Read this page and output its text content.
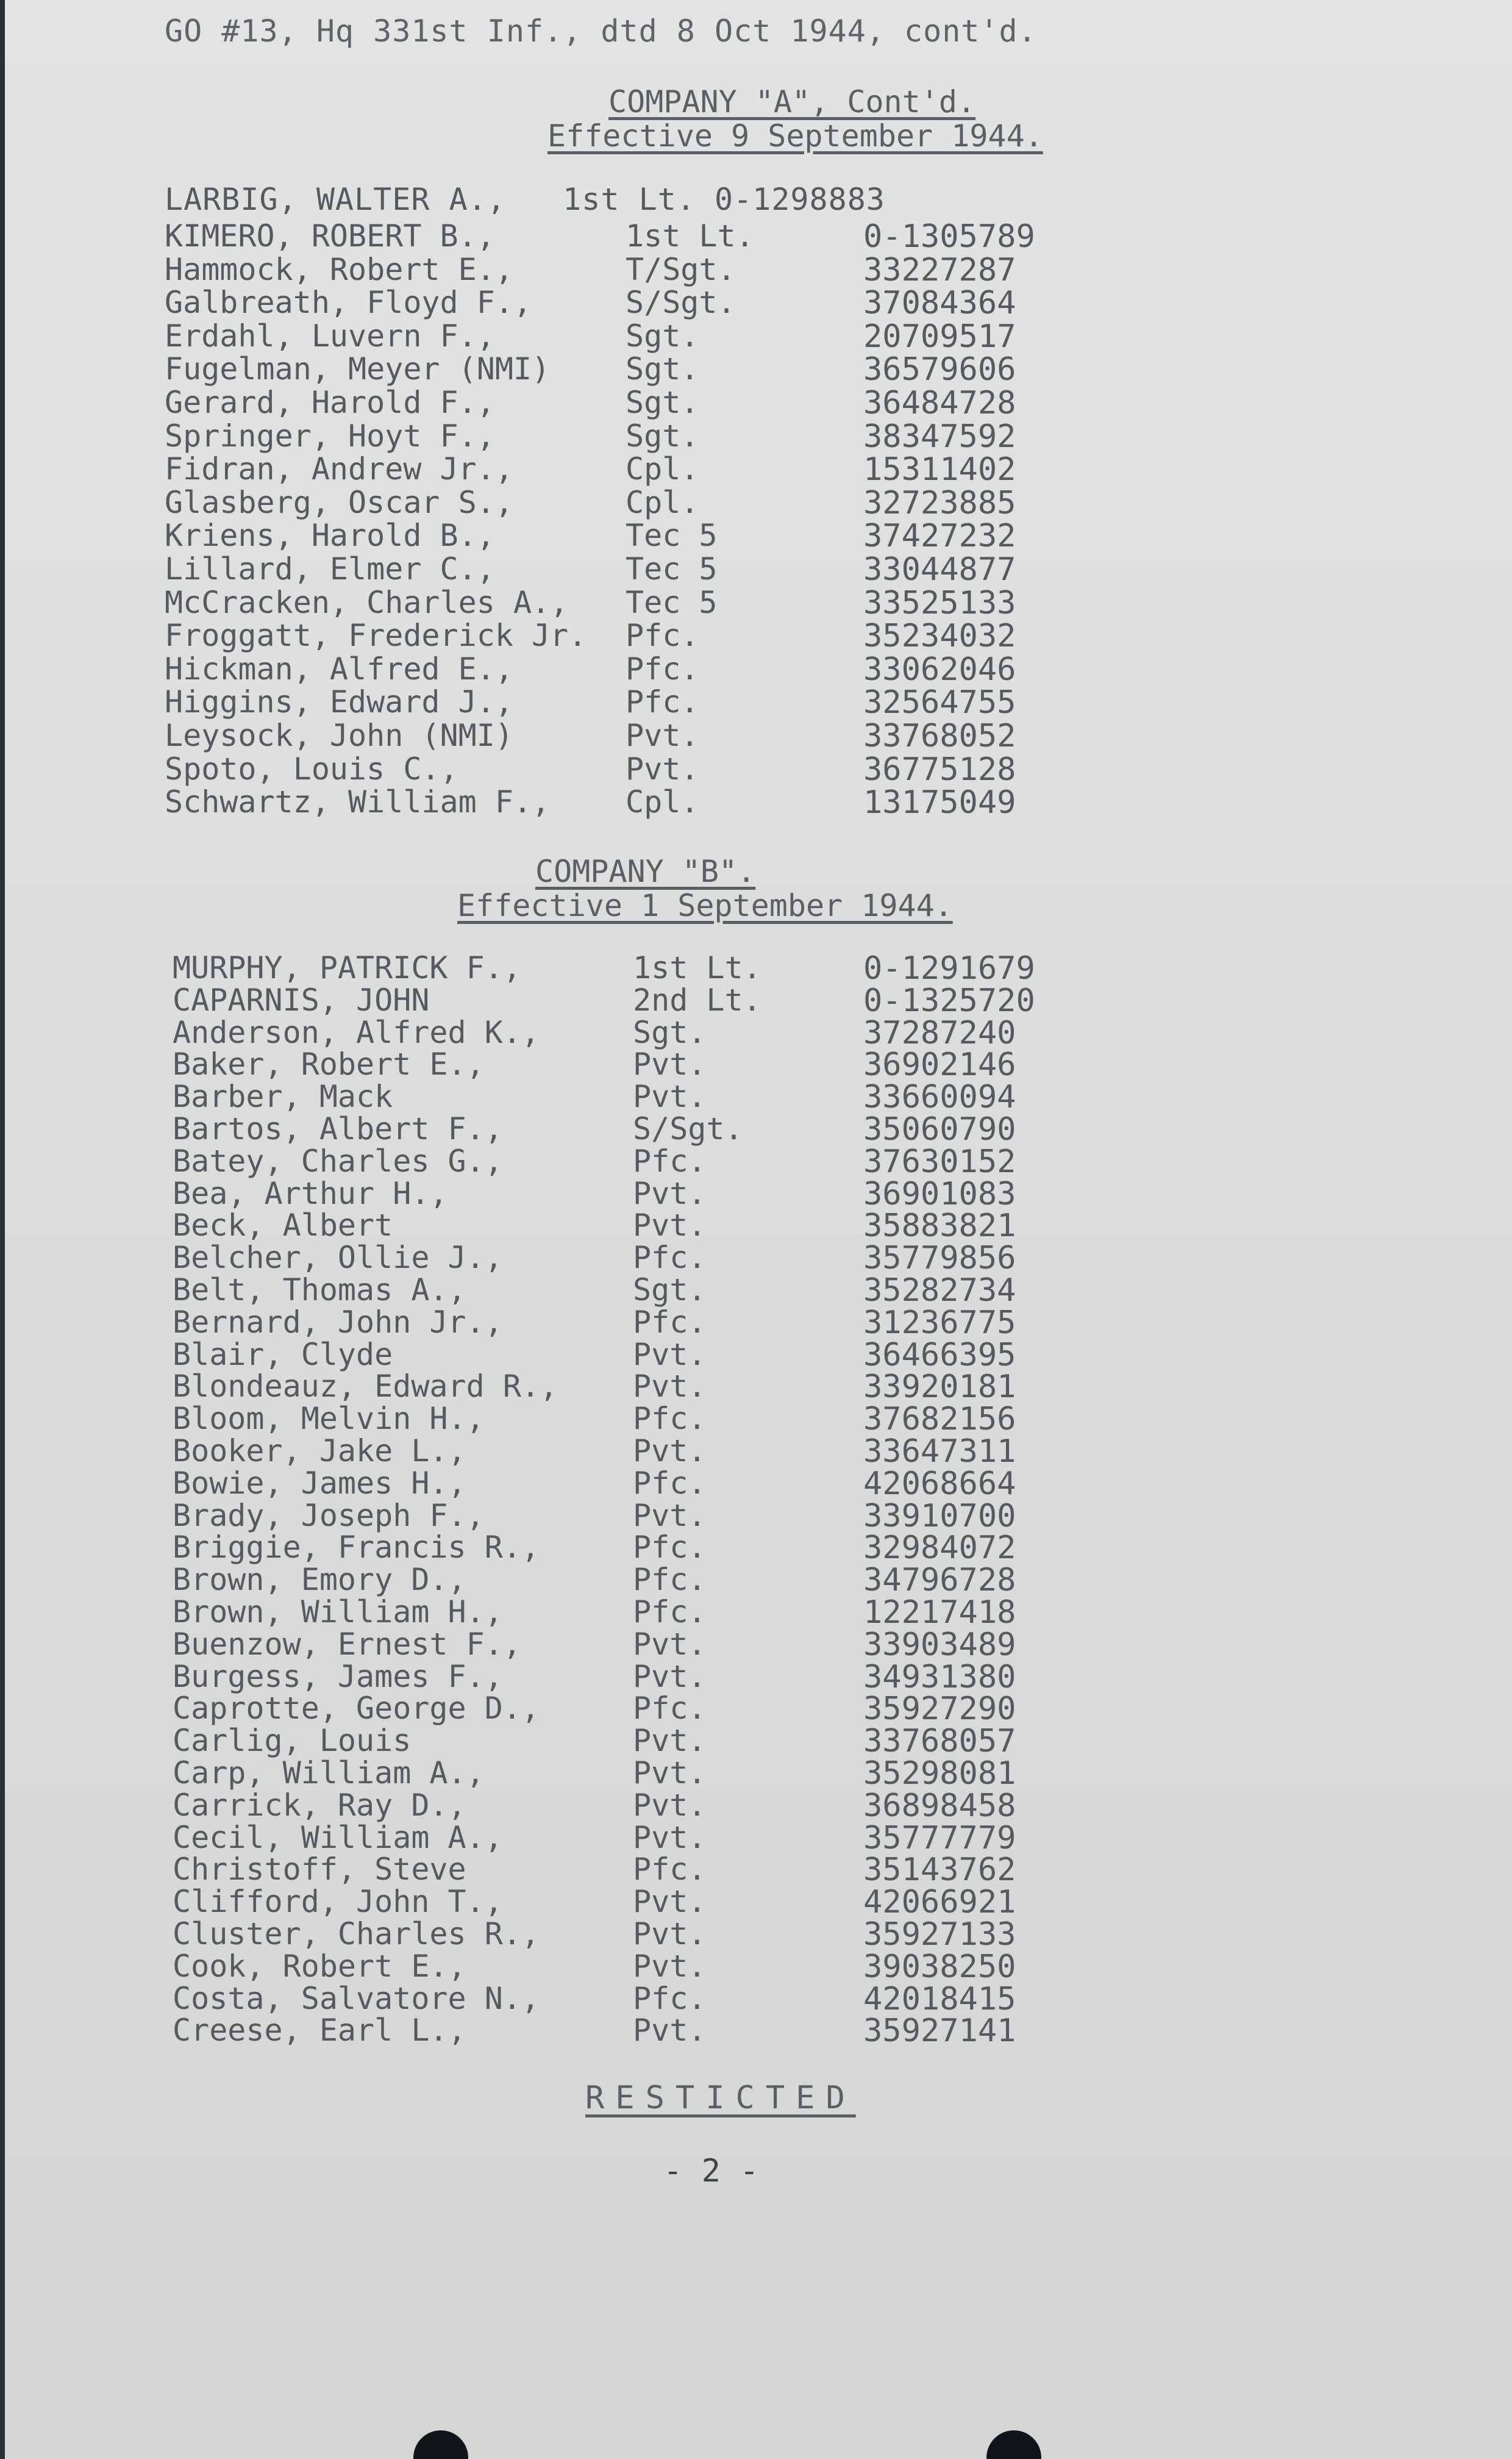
GO #13, Hq 331st Inf., dtd 8 Oct 1944, cont'd.
COMPANY "A", Cont'd.
Effective 9 September 1944.
LARBIG, WALTER A.,   1st Lt. 0-1298883
KIMERO, ROBERT B.,	1st Lt.	0-1305789
Hammock, Robert E.,	T/Sgt.	33227287
Galbreath, Floyd F.,	S/Sgt.	37084364
Erdahl, Luvern F.,	Sgt.	20709517
Fugelman, Meyer (NMI) Sgt.	36579606
Gerard, Harold F.,	Sgt.	36484728
Springer, Hoyt F.,	Sgt.	38347592
Fidran, Andrew Jr.,	Cpl.	15311402
Glasberg, Oscar S.,	Cpl.	32723885
Kriens, Harold B.,	Tec 5	37427232
Lillard, Elmer C.,	Tec 5	33044877
McCracken, Charles A., Tec 5	33525133
Froggatt, Frederick Jr. Pfc.	35234032
Hickman, Alfred E.,	Pfc.	33062046
Higgins, Edward J.,	Pfc.	32564755
Leysock, John (NMI)	Pvt.	33768052
Spoto, Louis C.,	Pvt.	36775128
Schwartz, William F., Cpl.	13175049
COMPANY "B".
Effective 1 September 1944.
MURPHY, PATRICK F.,	1st Lt.	0-1291679
CAPARNIS, JOHN	2nd Lt.	0-1325720
Anderson, Alfred K.,	Sgt.	37287240
Baker, Robert E.,	Pvt.	36902146
Barber, Mack	Pvt.	33660094
Bartos, Albert F.,	S/Sgt.	35060790
Batey, Charles G.,	Pfc.	37630152
Bea, Arthur H.,	Pvt.	36901083
Beck, Albert	Pvt.	35883821
Belcher, Ollie J.,	Pfc.	35779856
Belt, Thomas A.,	Sgt.	35282734
Bernard, John Jr.,	Pfc.	31236775
Blair, Clyde	Pvt.	36466395
Blondeauz, Edward R., Pvt.	33920181
Bloom, Melvin H.,	Pfc.	37682156
Booker, Jake L.,	Pvt.	33647311
Bowie, James H.,	Pfc.	42068664
Brady, Joseph F.,	Pvt.	33910700
Briggie, Francis R.,	Pfc.	32984072
Brown, Emory D.,	Pfc.	34796728
Brown, William H.,	Pfc.	12217418
Buenzow, Ernest F.,	Pvt.	33903489
Burgess, James F.,	Pvt.	34931380
Caprotte, George D.,	Pfc.	35927290
Carlig, Louis	Pvt.	33768057
Carp, William A.,	Pvt.	35298081
Carrick, Ray D.,	Pvt.	36898458
Cecil, William A.,	Pvt.	35777779
Christoff, Steve	Pfc.	35143762
Clifford, John T.,	Pvt.	42066921
Cluster, Charles R.,	Pvt.	35927133
Cook, Robert E.,	Pvt.	39038250
Costa, Salvatore N.,	Pfc.	42018415
Creese, Earl L.,	Pvt.	35927141
RESTICTED
- 2 -
